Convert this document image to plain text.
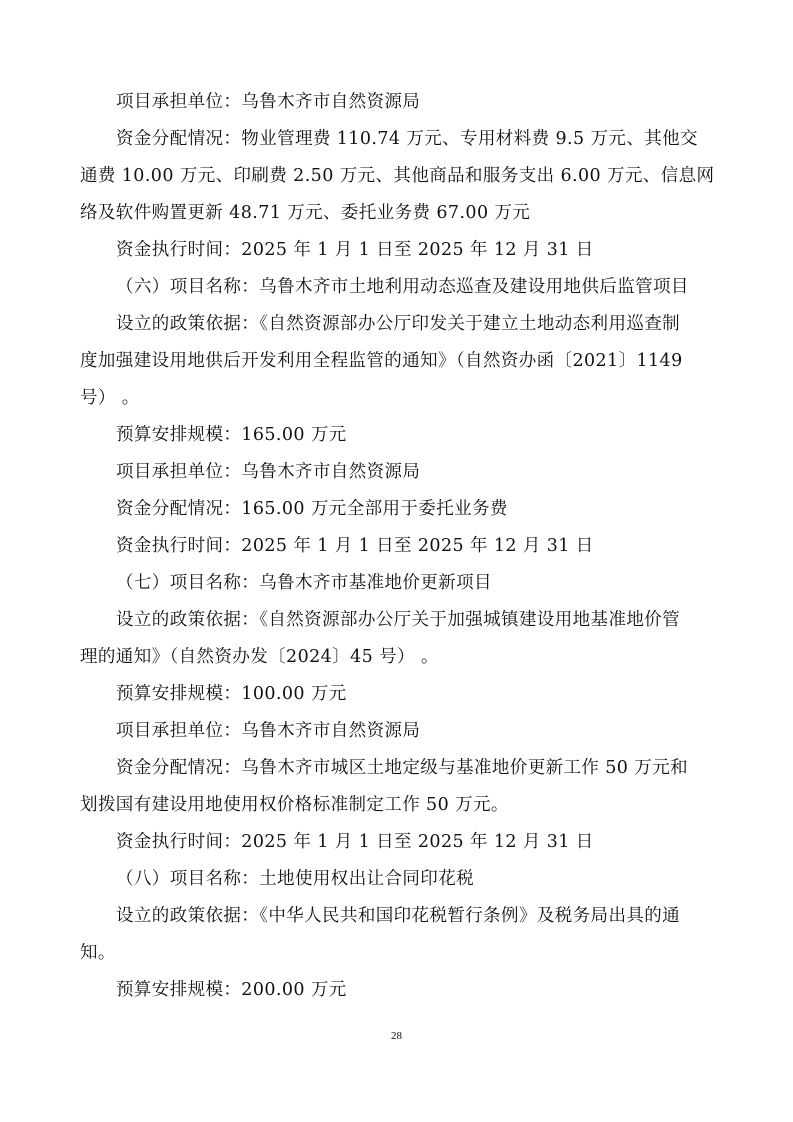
项目承担单位：乌鲁木齐市自然资源局
资金分配情况：物业管理费 110.74 万元、专用材料费 9.5 万元、其他交
通费 10.00 万元、印刷费 2.50 万元、其他商品和服务支出 6.00 万元、信息网
络及软件购置更新 48.71 万元、委托业务费 67.00 万元
资金执行时间：2025 年 1 月 1 日至 2025 年 12 月 31 日
（六）项目名称：乌鲁木齐市土地利用动态巡查及建设用地供后监管项目
设立的政策依据：《自然资源部办公厅印发关于建立土地动态利用巡查制
度加强建设用地供后开发利用全程监管的通知》（自然资办函〔2021〕1149
号） 。
预算安排规模：165.00 万元
项目承担单位：乌鲁木齐市自然资源局
资金分配情况：165.00 万元全部用于委托业务费
资金执行时间：2025 年 1 月 1 日至 2025 年 12 月 31 日
（七）项目名称：乌鲁木齐市基准地价更新项目
设立的政策依据：《自然资源部办公厅关于加强城镇建设用地基准地价管
理的通知》（自然资办发〔2024〕45 号） 。
预算安排规模：100.00 万元
项目承担单位：乌鲁木齐市自然资源局
资金分配情况：乌鲁木齐市城区土地定级与基准地价更新工作 50 万元和
划拨国有建设用地使用权价格标准制定工作 50 万元。
资金执行时间：2025 年 1 月 1 日至 2025 年 12 月 31 日
（八）项目名称：土地使用权出让合同印花税
设立的政策依据：《中华人民共和国印花税暂行条例》及税务局出具的通
知。
预算安排规模：200.00 万元
28
